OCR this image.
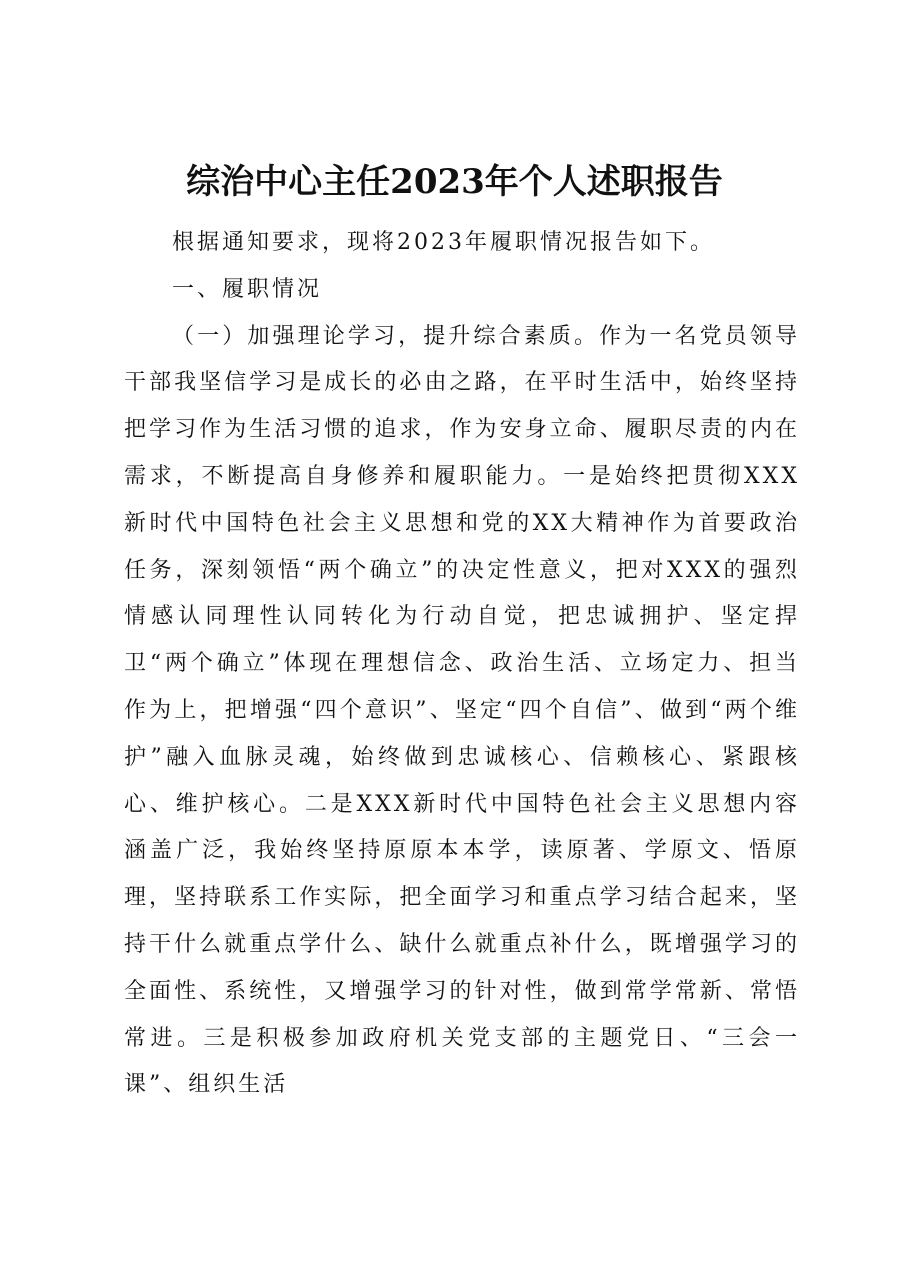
综治中心主任2023年个人述职报告

根据通知要求，现将2023年履职情况报告如下。

一、履职情况

（一）加强理论学习，提升综合素质。作为一名党员领导干部我坚信学习是成长的必由之路，在平时生活中，始终坚持把学习作为生活习惯的追求，作为安身立命、履职尽责的内在需求，不断提高自身修养和履职能力。一是始终把贯彻XXX新时代中国特色社会主义思想和党的XX大精神作为首要政治任务，深刻领悟“两个确立”的决定性意义，把对XXX的强烈情感认同理性认同转化为行动自觉，把忠诚拥护、坚定捍卫“两个确立”体现在理想信念、政治生活、立场定力、担当作为上，把增强“四个意识”、坚定“四个自信”、做到“两个维护”融入血脉灵魂，始终做到忠诚核心、信赖核心、紧跟核心、维护核心。二是XXX新时代中国特色社会主义思想内容涵盖广泛，我始终坚持原原本本学，读原著、学原文、悟原理，坚持联系工作实际，把全面学习和重点学习结合起来，坚持干什么就重点学什么、缺什么就重点补什么，既增强学习的全面性、系统性，又增强学习的针对性，做到常学常新、常悟常进。三是积极参加政府机关党支部的主题党日、“三会一课”、组织生活
